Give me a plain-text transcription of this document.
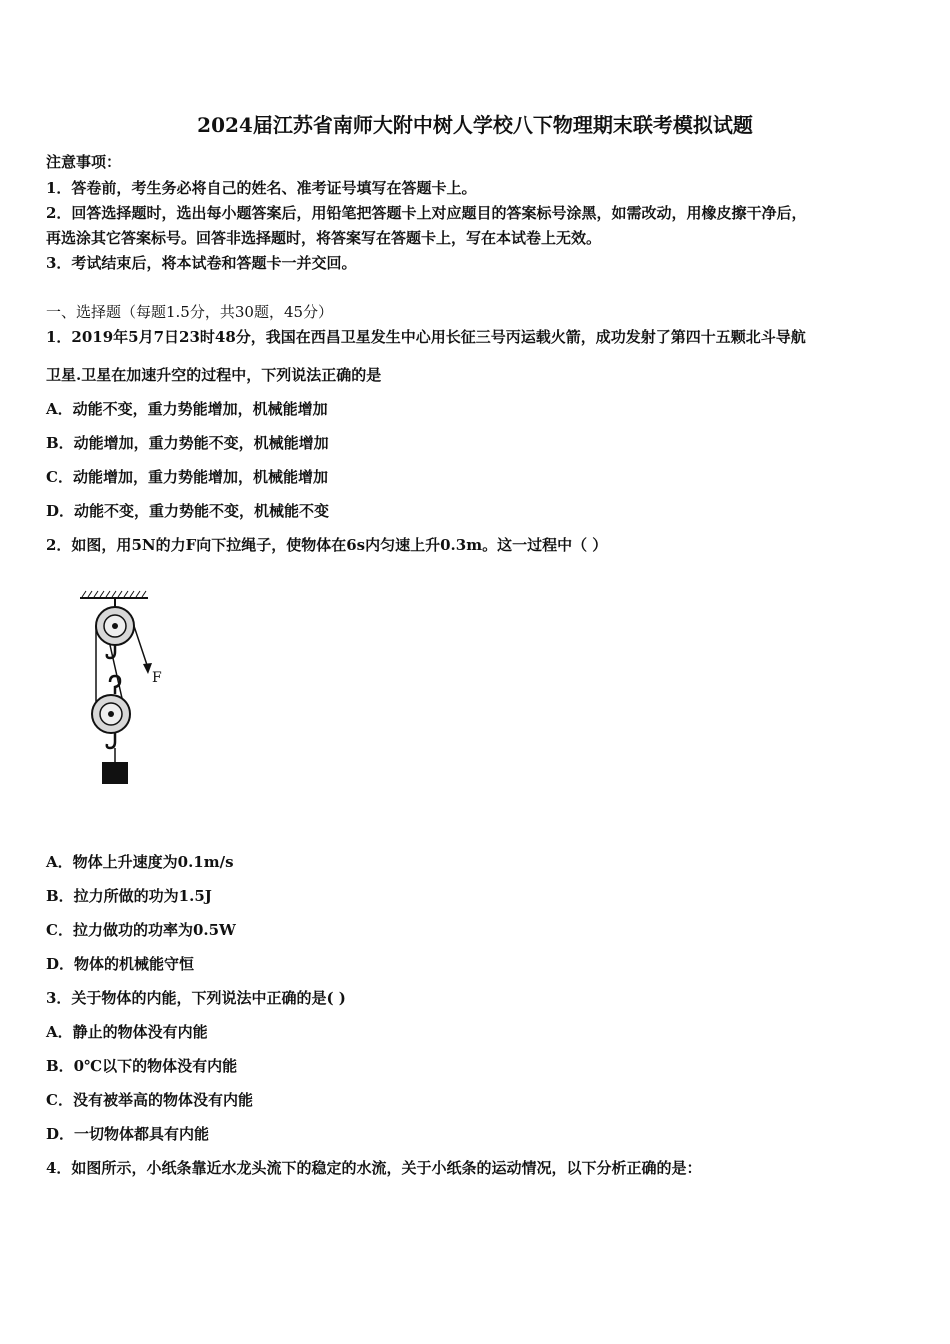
2024届江苏省南师大附中树人学校八下物理期末联考模拟试题
注意事项：
1．答卷前，考生务必将自己的姓名、准考证号填写在答题卡上。
2．回答选择题时，选出每小题答案后，用铅笔把答题卡上对应题目的答案标号涂黑，如需改动，用橡皮擦干净后，
再选涂其它答案标号。回答非选择题时，将答案写在答题卡上，写在本试卷上无效。
3．考试结束后，将本试卷和答题卡一并交回。
一、选择题（每题1.5分，共30题，45分）
1．2019年5月7日23时48分，我国在西昌卫星发生中心用长征三号丙运载火箭，成功发射了第四十五颗北斗导航
卫星.卫星在加速升空的过程中，下列说法正确的是
A．动能不变，重力势能增加，机械能增加
B．动能增加，重力势能不变，机械能增加
C．动能增加，重力势能增加，机械能增加
D．动能不变，重力势能不变，机械能不变
2．如图，用5N的力F向下拉绳子，使物体在6s内匀速上升0.3m。这一过程中（ ）
F
A．物体上升速度为0.1m/s
B．拉力所做的功为1.5J
C．拉力做功的功率为0.5W
D．物体的机械能守恒
3．关于物体的内能，下列说法中正确的是( )
A．静止的物体没有内能
B．0℃以下的物体没有内能
C．没有被举高的物体没有内能
D．一切物体都具有内能
4．如图所示，小纸条靠近水龙头流下的稳定的水流，关于小纸条的运动情况，以下分析正确的是：
